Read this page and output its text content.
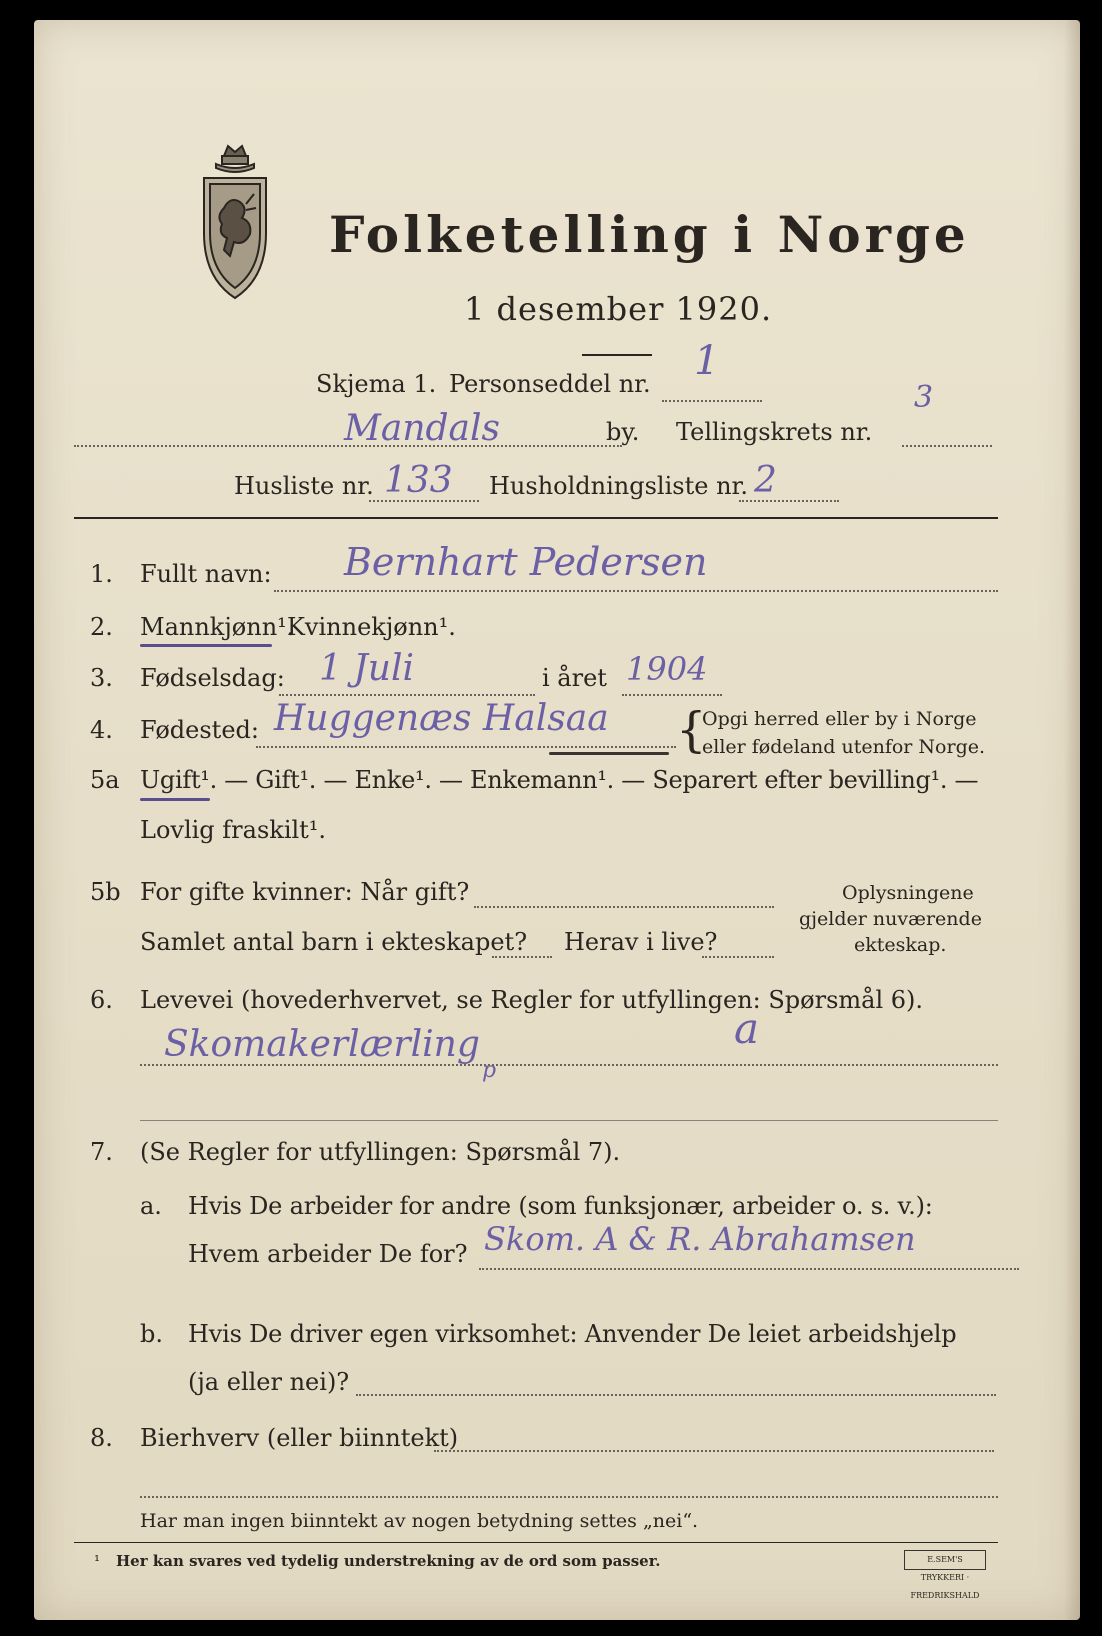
Folketelling i Norge
1 desember 1920.
Skjema 1. Personseddel nr. 1
Mandals	by. Tellingskrets nr.
3
Husliste nr. 133 Husholdningsliste nr. 2
1. Fullt navn: Bernhart Pedersen
2. Mannkjønn¹.
Kvinnekjønn¹.
3. Fødselsdag: 1 Juli	i året 1904
4. Fødested: Huggenæs Halsaa {
Opgi herred eller by i Norge
eller fødeland utenfor Norge.
5a Ugift¹. — Gift¹. — Enke¹. — Enkemann¹. — Separert efter bevilling¹. —
Lovlig fraskilt¹.
5b For gifte kvinner: Når gift?
Samlet antal barn i ekteskapet? Herav i live?
Oplysningene
gjelder nuværende
ekteskap.
6. Levevei (hovederhvervet, se Regler for utfyllingen: Spørsmål 6).
Skomakerlærling	a
p
7. (Se Regler for utfyllingen: Spørsmål 7).
a. Hvis De arbeider for andre (som funksjonær, arbeider o. s. v.):
Hvem arbeider De for? Skom. A & R. Abrahamsen
b. Hvis De driver egen virksomhet: Anvender De leiet arbeidshjelp
(ja eller nei)?
8. Bierhverv (eller biinntekt)
Har man ingen biinntekt av nogen betydning settes „nei“.
¹ Her kan svares ved tydelig understrekning av de ord som passer.	E.SEM'S TRYKKERI · FREDRIKSHALD
